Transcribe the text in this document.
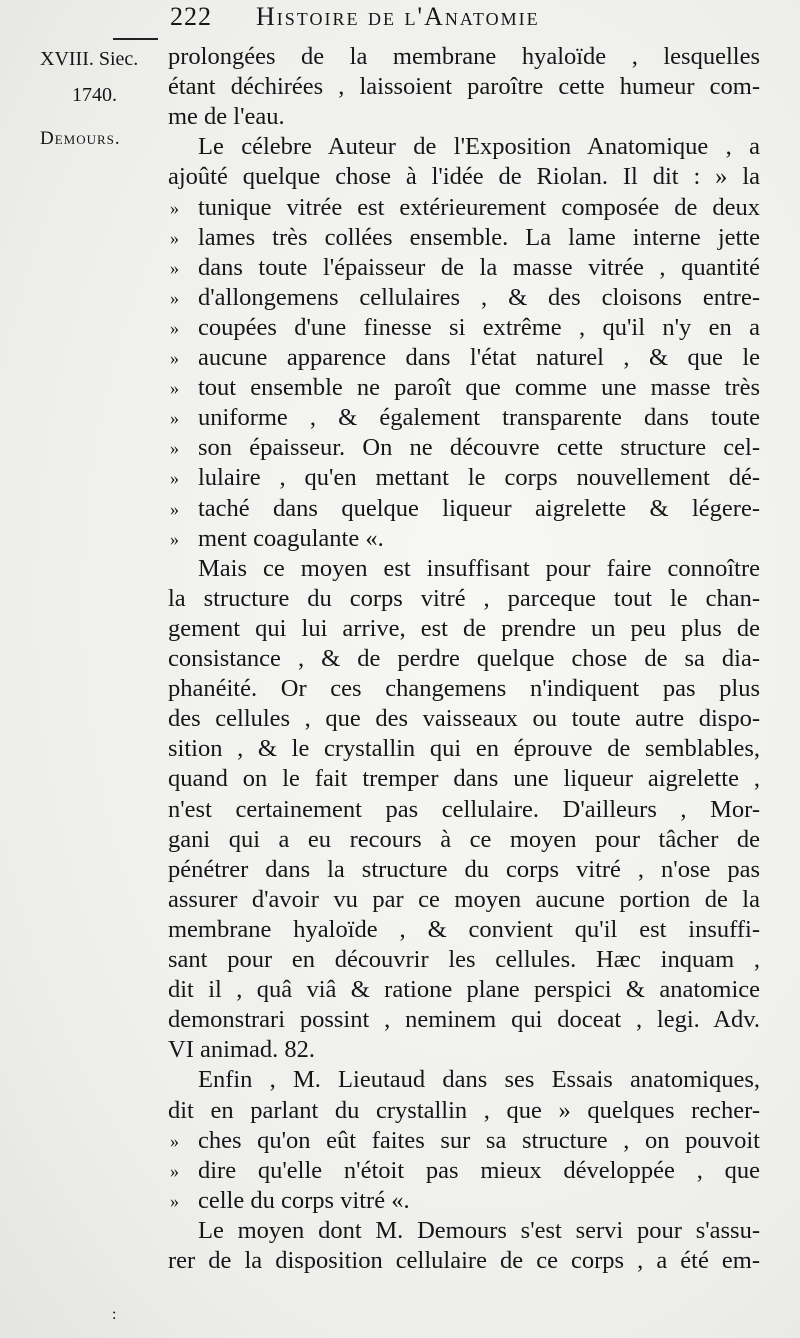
222 Histoire de l'Anatomie
XVIII. Siec.
1740.
Demours.
prolongées de la membrane hyaloïde , lesquelles
étant déchirées , laissoient paroître cette humeur com-
me de l'eau.
Le célebre Auteur de l'Exposition Anatomique , a
ajoûté quelque chose à l'idée de Riolan. Il dit : » la
» tunique vitrée est extérieurement composée de deux
» lames très collées ensemble. La lame interne jette
» dans toute l'épaisseur de la masse vitrée , quantité
» d'allongemens cellulaires , & des cloisons entre-
» coupées d'une finesse si extrême , qu'il n'y en a
» aucune apparence dans l'état naturel , & que le
» tout ensemble ne paroît que comme une masse très
» uniforme , & également transparente dans toute
» son épaisseur. On ne découvre cette structure cel-
» lulaire , qu'en mettant le corps nouvellement dé-
» taché dans quelque liqueur aigrelette & légere-
» ment coagulante «.
Mais ce moyen est insuffisant pour faire connoître
la structure du corps vitré , parceque tout le chan-
gement qui lui arrive, est de prendre un peu plus de
consistance , & de perdre quelque chose de sa dia-
phanéité. Or ces changemens n'indiquent pas plus
des cellules , que des vaisseaux ou toute autre dispo-
sition , & le crystallin qui en éprouve de semblables,
quand on le fait tremper dans une liqueur aigrelette ,
n'est certainement pas cellulaire. D'ailleurs , Mor-
gani qui a eu recours à ce moyen pour tâcher de
pénétrer dans la structure du corps vitré , n'ose pas
assurer d'avoir vu par ce moyen aucune portion de la
membrane hyaloïde , & convient qu'il est insuffi-
sant pour en découvrir les cellules. Hæc inquam ,
dit il , quâ viâ & ratione plane perspici & anatomice
demonstrari possint , neminem qui doceat , legi. Adv.
VI animad. 82.
Enfin , M. Lieutaud dans ses Essais anatomiques,
dit en parlant du crystallin , que » quelques recher-
» ches qu'on eût faites sur sa structure , on pouvoit
» dire qu'elle n'étoit pas mieux développée , que
» celle du corps vitré «.
Le moyen dont M. Demours s'est servi pour s'assu-
rer de la disposition cellulaire de ce corps , a été em-
:
